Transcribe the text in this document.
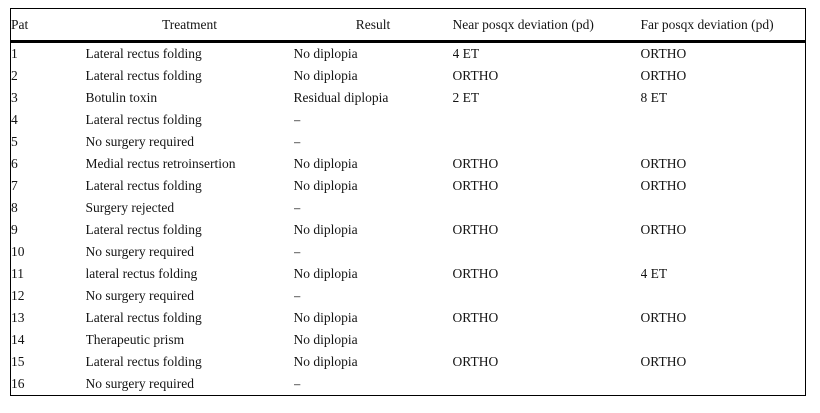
Pat	Treatment	Result	Near posqx deviation (pd)	Far posqx deviation (pd)
1	Lateral rectus folding	No diplopia	4 ET	ORTHO
2	Lateral rectus folding	No diplopia	ORTHO	ORTHO
3	Botulin toxin	Residual diplopia	2 ET	8 ET
4	Lateral rectus folding	–		
5	No surgery required	–		
6	Medial rectus retroinsertion	No diplopia	ORTHO	ORTHO
7	Lateral rectus folding	No diplopia	ORTHO	ORTHO
8	Surgery rejected	–		
9	Lateral rectus folding	No diplopia	ORTHO	ORTHO
10	No surgery required	–		
11	lateral rectus folding	No diplopia	ORTHO	4 ET
12	No surgery required	–		
13	Lateral rectus folding	No diplopia	ORTHO	ORTHO
14	Therapeutic prism	No diplopia		
15	Lateral rectus folding	No diplopia	ORTHO	ORTHO
16	No surgery required	–		
